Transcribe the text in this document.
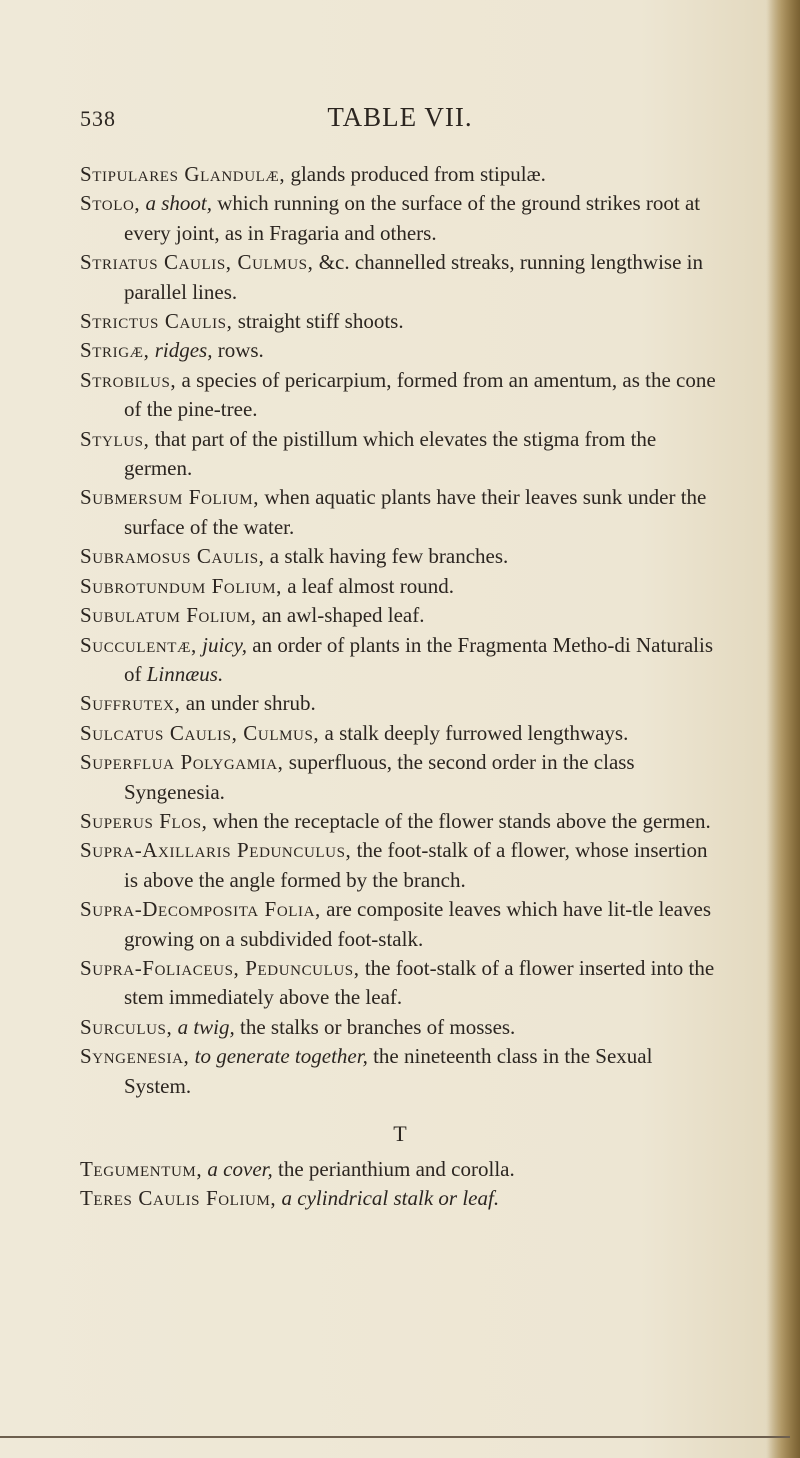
538	TABLE VII.

Stipulares Glandulæ, glands produced from stipulæ.

Stolo, a shoot, which running on the surface of the ground strikes root at every joint, as in Fragaria and others.

Striatus Caulis, Culmus, &c. channelled streaks, running lengthwise in parallel lines.

Strictus Caulis, straight stiff shoots.

Strigæ, ridges, rows.

Strobilus, a species of pericarpium, formed from an amentum, as the cone of the pine-tree.

Stylus, that part of the pistillum which elevates the stigma from the germen.

Submersum Folium, when aquatic plants have their leaves sunk under the surface of the water.

Subramosus Caulis, a stalk having few branches.

Subrotundum Folium, a leaf almost round.

Subulatum Folium, an awl-shaped leaf.

Succulentæ, juicy, an order of plants in the Fragmenta Metho-di Naturalis of Linnæus.

Suffrutex, an under shrub.

Sulcatus Caulis, Culmus, a stalk deeply furrowed lengthways.

Superflua Polygamia, superfluous, the second order in the class Syngenesia.

Superus Flos, when the receptacle of the flower stands above the germen.

Supra-Axillaris Pedunculus, the foot-stalk of a flower, whose insertion is above the angle formed by the branch.

Supra-Decomposita Folia, are composite leaves which have lit-tle leaves growing on a subdivided foot-stalk.

Supra-Foliaceus, Pedunculus, the foot-stalk of a flower inserted into the stem immediately above the leaf.

Surculus, a twig, the stalks or branches of mosses.

Syngenesia, to generate together, the nineteenth class in the Sexual System.

T

Tegumentum, a cover, the perianthium and corolla.

Teres Caulis Folium, a cylindrical stalk or leaf.
